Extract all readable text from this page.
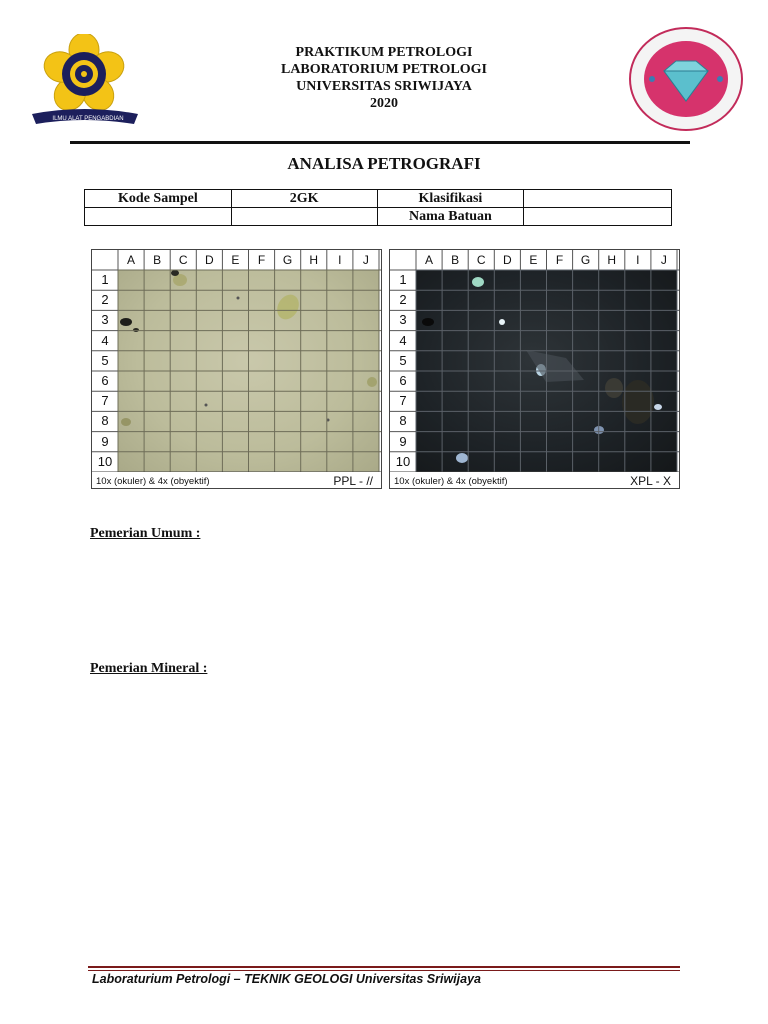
ILMU ALAT PENGABDIAN
PRAKTIKUM PETROLOGI
LABORATORIUM PETROLOGI
UNIVERSITAS SRIWIJAYA
2020
ANALISA PETROGRAFI
Kode Sampel	2GK	Klasifikasi	
		Nama Batuan	
10x (okuler) & 4x (obyektif)	PPL - //
A	B	C	D	E	F	G	H	I	J
1
2
3
4
5
6
7
8
9
10
10x (okuler) & 4x (obyektif)	XPL - X
A	B	C	D	E	F	G	H	I	J
1
2
3
4
5
6
7
8
9
10
Pemerian Umum :
Pemerian Mineral :
Laboraturium Petrologi – TEKNIK GEOLOGI Universitas Sriwijaya
